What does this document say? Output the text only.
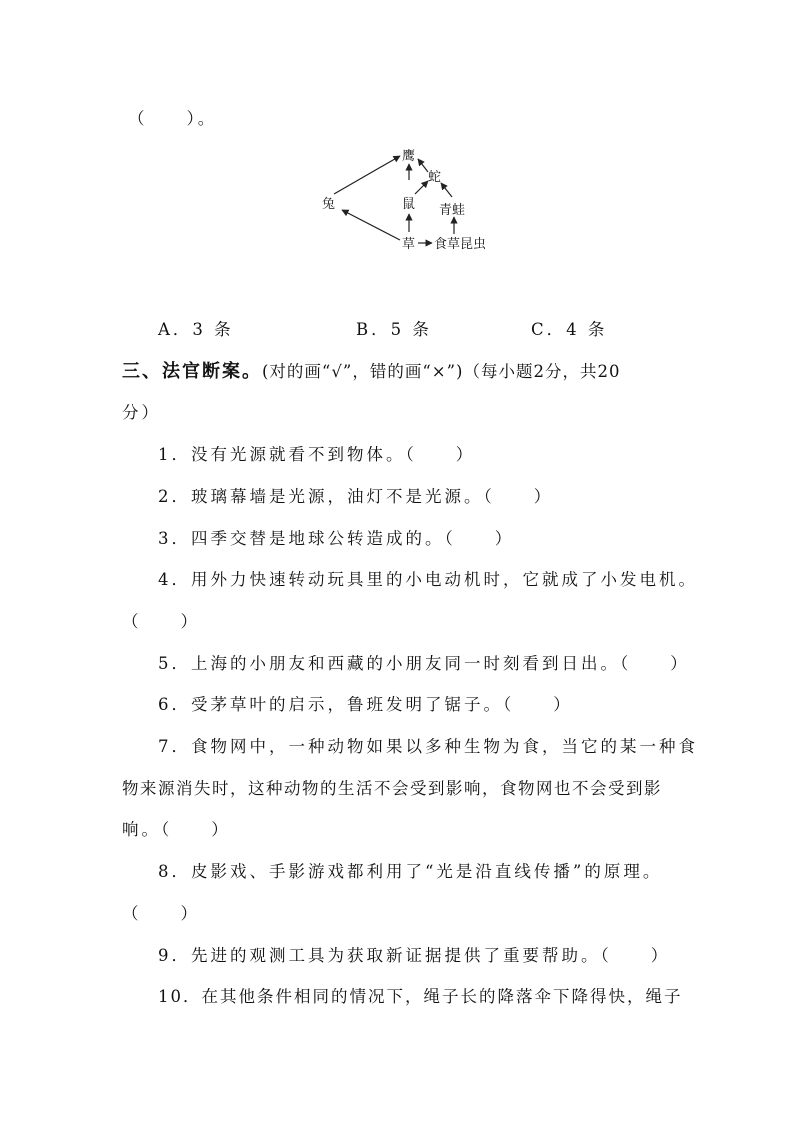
（　　）。
鹰
蛇
兔	鼠 青蛙
草 食草昆虫
A．3 条	B．5 条	C．4 条
三、法官断案。(对的画“√”，错的画“×”)（每小题2分，共20
分）
1．没有光源就看不到物体。（　　）
2．玻璃幕墙是光源，油灯不是光源。（　　）
3．四季交替是地球公转造成的。（　　）
4．用外力快速转动玩具里的小电动机时，它就成了小发电机。
（　　）
5．上海的小朋友和西藏的小朋友同一时刻看到日出。（　　）
6．受茅草叶的启示，鲁班发明了锯子。（　　）
7．食物网中，一种动物如果以多种生物为食，当它的某一种食
物来源消失时，这种动物的生活不会受到影响，食物网也不会受到影
响。（　　）
8．皮影戏、手影游戏都利用了“光是沿直线传播”的原理。
（　　）
9．先进的观测工具为获取新证据提供了重要帮助。（　　）
10．在其他条件相同的情况下，绳子长的降落伞下降得快，绳子
